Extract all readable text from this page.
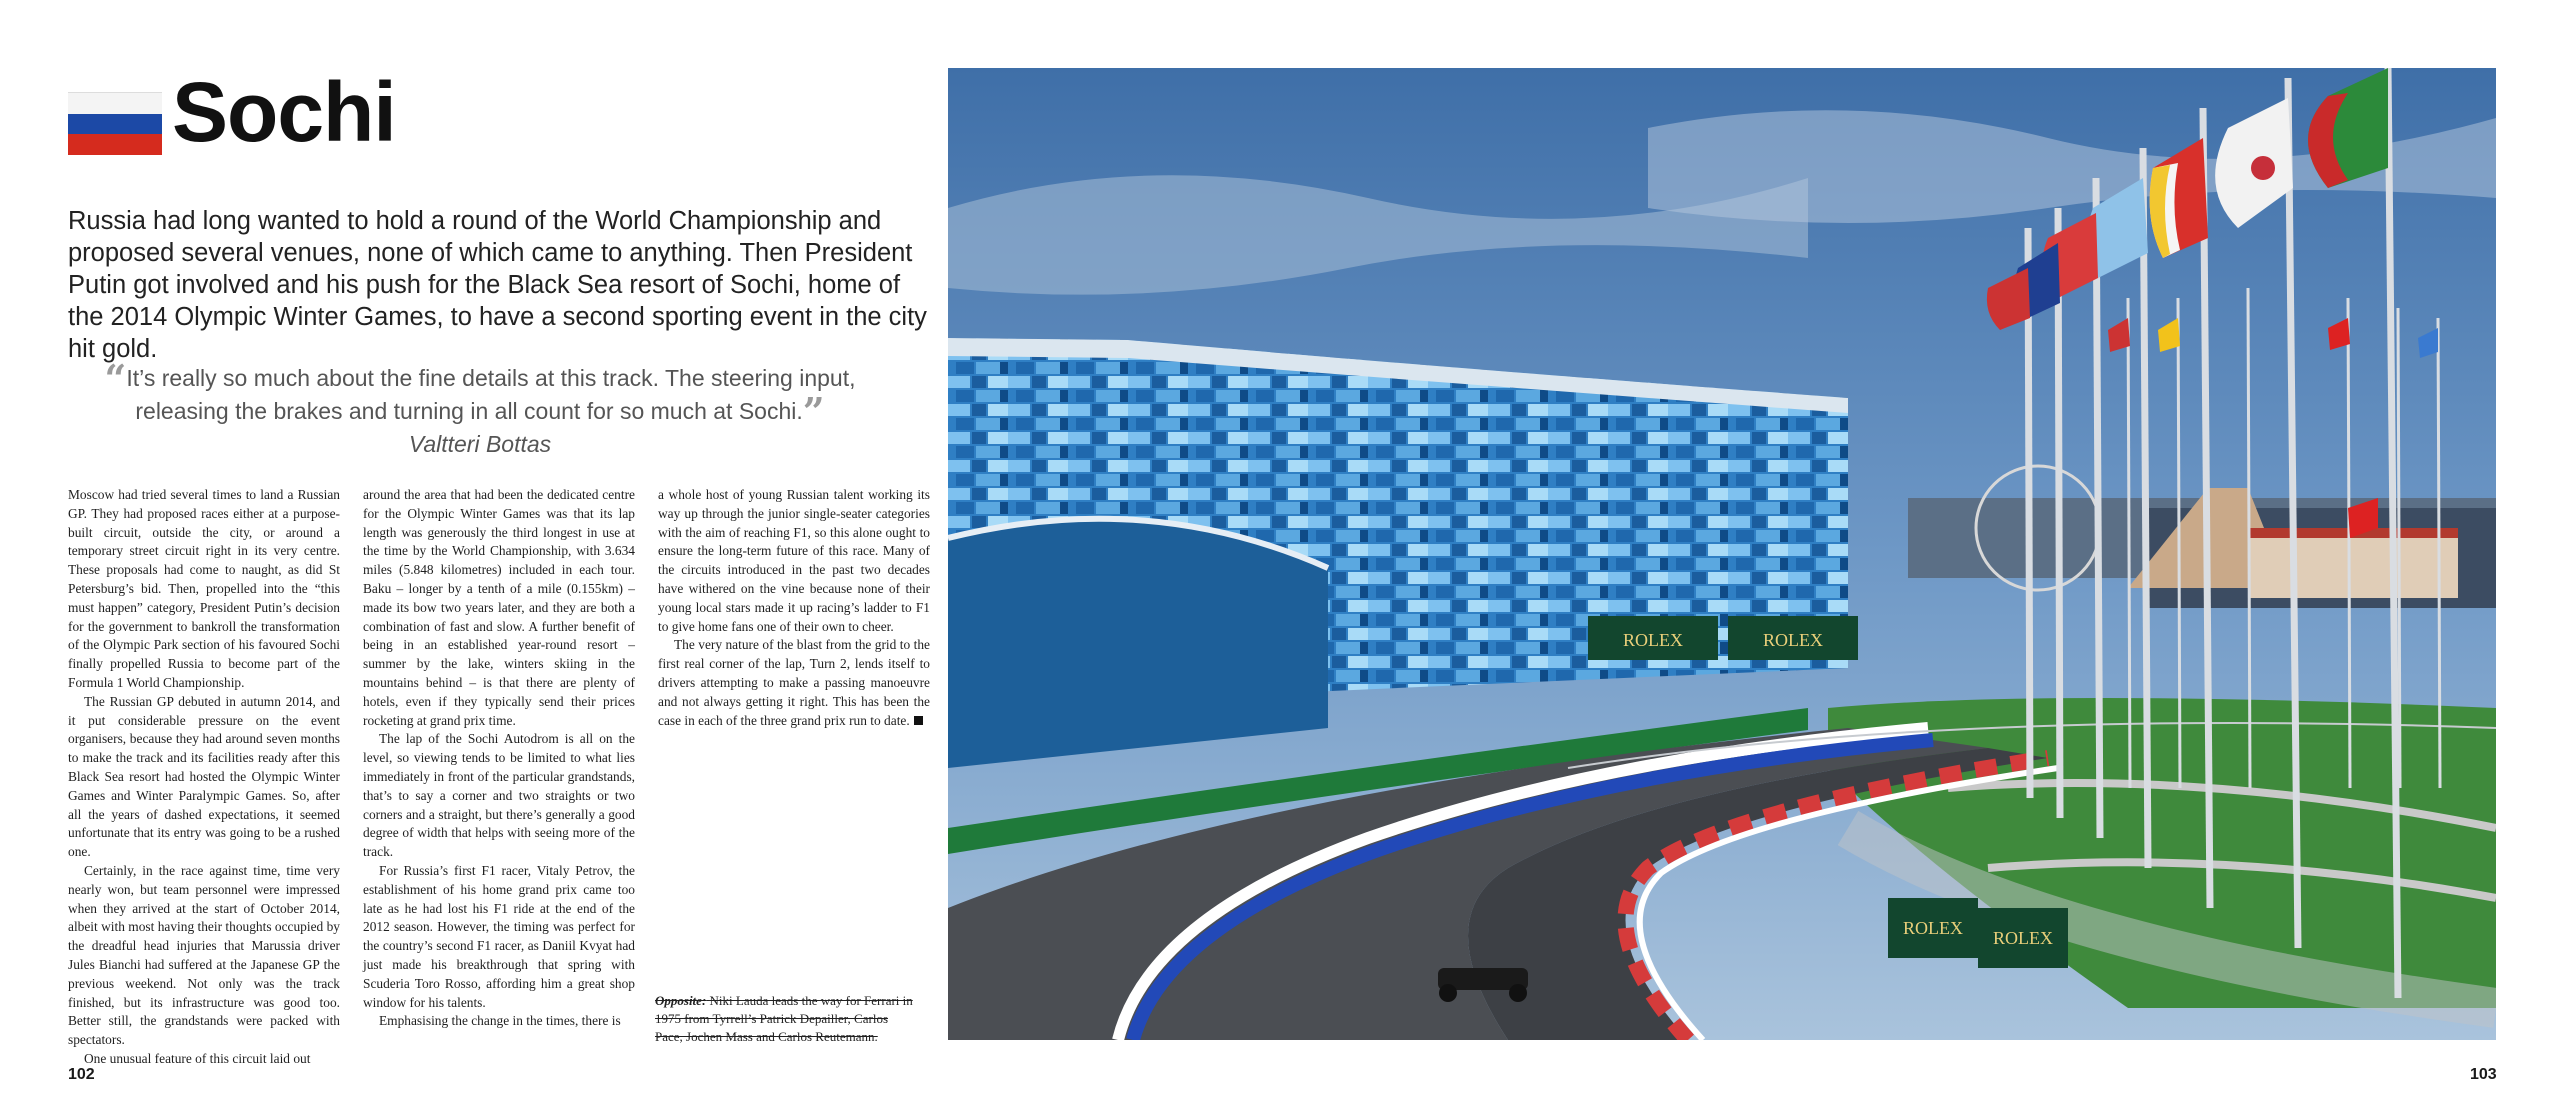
Sochi
Russia had long wanted to hold a round of the World Championship and proposed several venues, none of which came to anything. Then President Putin got involved and his push for the Black Sea resort of Sochi, home of the 2014 Olympic Winter Games, to have a second sporting event in the city hit gold.
“It’s really so much about the fine details at this track. The steering input, releasing the brakes and turning in all count for so much at Sochi.”
Valtteri Bottas

Moscow had tried several times to land a Russian GP. They had proposed races either at a purpose-built circuit, outside the city, or around a temporary street circuit right in its very centre. These proposals had come to naught, as did St Petersburg’s bid. Then, propelled into the “this must happen” category, President Putin’s decision for the government to bankroll the transformation of the Olympic Park section of his favoured Sochi finally propelled Russia to become part of the Formula 1 World Championship.

The Russian GP debuted in autumn 2014, and it put considerable pressure on the event organisers, because they had around seven months to make the track and its facilities ready after this Black Sea resort had hosted the Olympic Winter Games and Winter Paralympic Games. So, after all the years of dashed expectations, it seemed unfortunate that its entry was going to be a rushed one.

Certainly, in the race against time, time very nearly won, but team personnel were impressed when they arrived at the start of October 2014, albeit with most having their thoughts occupied by the dreadful head injuries that Marussia driver Jules Bianchi had suffered at the Japanese GP the previous weekend. Not only was the track finished, but its infrastructure was good too. Better still, the grandstands were packed with spectators.

One unusual feature of this circuit laid out

around the area that had been the dedicated centre for the Olympic Winter Games was that its lap length was generously the third longest in use at the time by the World Championship, with 3.634 miles (5.848 kilometres) included in each tour. Baku – longer by a tenth of a mile (0.155km) – made its bow two years later, and they are both a combination of fast and slow. A further benefit of being in an established year-round resort – summer by the lake, winters skiing in the mountains behind – is that there are plenty of hotels, even if they typically send their prices rocketing at grand prix time.

The lap of the Sochi Autodrom is all on the level, so viewing tends to be limited to what lies immediately in front of the particular grandstands, that’s to say a corner and two straights or two corners and a straight, but there’s generally a good degree of width that helps with seeing more of the track.

For Russia’s first F1 racer, Vitaly Petrov, the establishment of his home grand prix came too late as he had lost his F1 ride at the end of the 2012 season. However, the timing was perfect for the country’s second F1 racer, as Daniil Kvyat had just made his breakthrough that spring with Scuderia Toro Rosso, affording him a great shop window for his talents.

Emphasising the change in the times, there is

a whole host of young Russian talent working its way up through the junior single-seater categories with the aim of reaching F1, so this alone ought to ensure the long-term future of this race. Many of the circuits introduced in the past two decades have withered on the vine because none of their young local stars made it up racing’s ladder to F1 to give home fans one of their own to cheer.

The very nature of the blast from the grid to the first real corner of the lap, Turn 2, lends itself to drivers attempting to make a passing manoeuvre and not always getting it right. This has been the case in each of the three grand prix run to date.

Opposite: Niki Lauda leads the way for Ferrari in 1975 from Tyrrell’s Patrick Depailler, Carlos Pace, Jochen Mass and Carlos Reutemann.
102
ROLEX	ROLEX
ROLEX ROLEX
103
